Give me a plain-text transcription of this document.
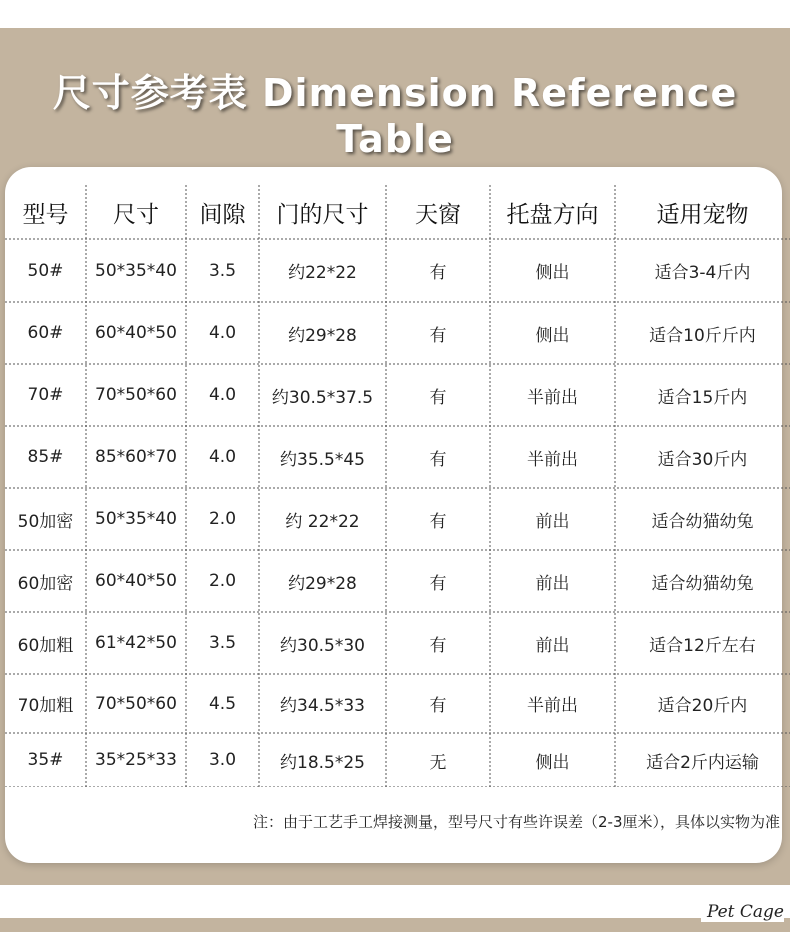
尺寸参考表 Dimension Reference Table
型号	尺寸	间隙	门的尺寸	天窗	托盘方向	适用宠物
50#	50*35*40	3.5	约22*22	有	侧出	适合3-4斤内
60#	60*40*50	4.0	约29*28	有	侧出	适合10斤斤内
70#	70*50*60	4.0	约30.5*37.5	有	半前出	适合15斤内
85#	85*60*70	4.0	约35.5*45	有	半前出	适合30斤内
50加密	50*35*40	2.0	约 22*22	有	前出	适合幼猫幼兔
60加密	60*40*50	2.0	约29*28	有	前出	适合幼猫幼兔
60加粗	61*42*50	3.5	约30.5*30	有	前出	适合12斤左右
70加粗	70*50*60	4.5	约34.5*33	有	半前出	适合20斤内
35#	35*25*33	3.0	约18.5*25	无	侧出	适合2斤内运输
注：由于工艺手工焊接测量，型号尺寸有些许误差（2-3厘米），具体以实物为准
Pet Cage
